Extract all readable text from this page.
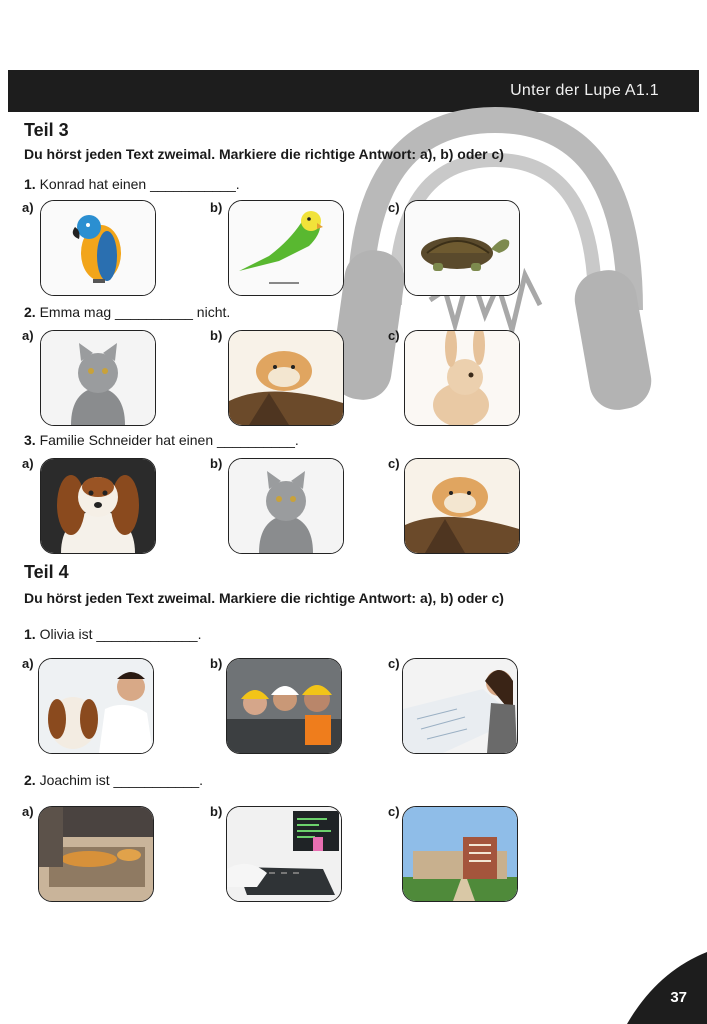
Unter der Lupe A1.1
Teil 3
Du hörst jeden Text zweimal. Markiere die richtige Antwort: a), b) oder c)
1. Konrad hat einen ___________.
a)	b)	c)
2. Emma mag __________ nicht.
a)	b)	c)
3. Familie Schneider hat einen __________.
a)	b)	c)
Teil 4
Du hörst jeden Text zweimal. Markiere die richtige Antwort: a), b) oder c)
1. Olivia ist _____________.
a)	b)	c)
2. Joachim ist ___________.
a)	b)	c)
37
